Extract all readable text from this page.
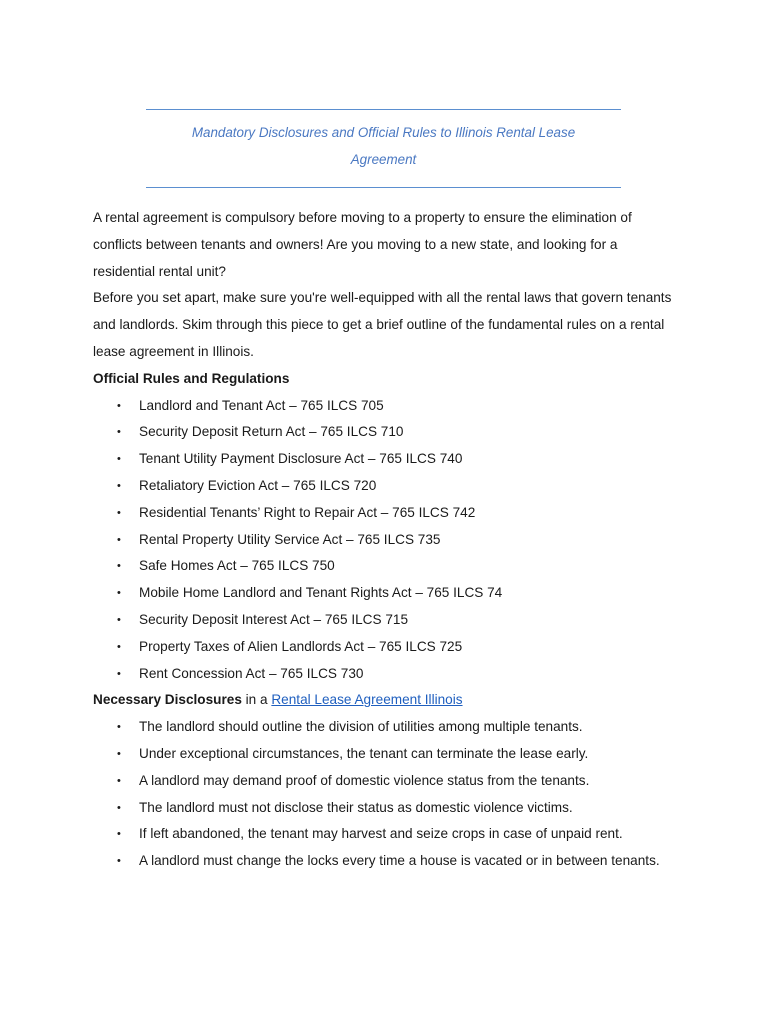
Mandatory Disclosures and Official Rules to Illinois Rental Lease
Agreement

A rental agreement is compulsory before moving to a property to ensure the elimination of conflicts between tenants and owners! Are you moving to a new state, and looking for a residential rental unit?

Before you set apart, make sure you're well-equipped with all the rental laws that govern tenants and landlords. Skim through this piece to get a brief outline of the fundamental rules on a rental lease agreement in Illinois.

Official Rules and Regulations

• Landlord and Tenant Act – 765 ILCS 705
• Security Deposit Return Act – 765 ILCS 710
• Tenant Utility Payment Disclosure Act – 765 ILCS 740
• Retaliatory Eviction Act – 765 ILCS 720
• Residential Tenants’ Right to Repair Act – 765 ILCS 742
• Rental Property Utility Service Act – 765 ILCS 735
• Safe Homes Act – 765 ILCS 750
• Mobile Home Landlord and Tenant Rights Act – 765 ILCS 74
• Security Deposit Interest Act – 765 ILCS 715
• Property Taxes of Alien Landlords Act – 765 ILCS 725
• Rent Concession Act – 765 ILCS 730

Necessary Disclosures in a Rental Lease Agreement Illinois

• The landlord should outline the division of utilities among multiple tenants.
• Under exceptional circumstances, the tenant can terminate the lease early.
• A landlord may demand proof of domestic violence status from the tenants.
• The landlord must not disclose their status as domestic violence victims.
• If left abandoned, the tenant may harvest and seize crops in case of unpaid rent.
• A landlord must change the locks every time a house is vacated or in between tenants.
